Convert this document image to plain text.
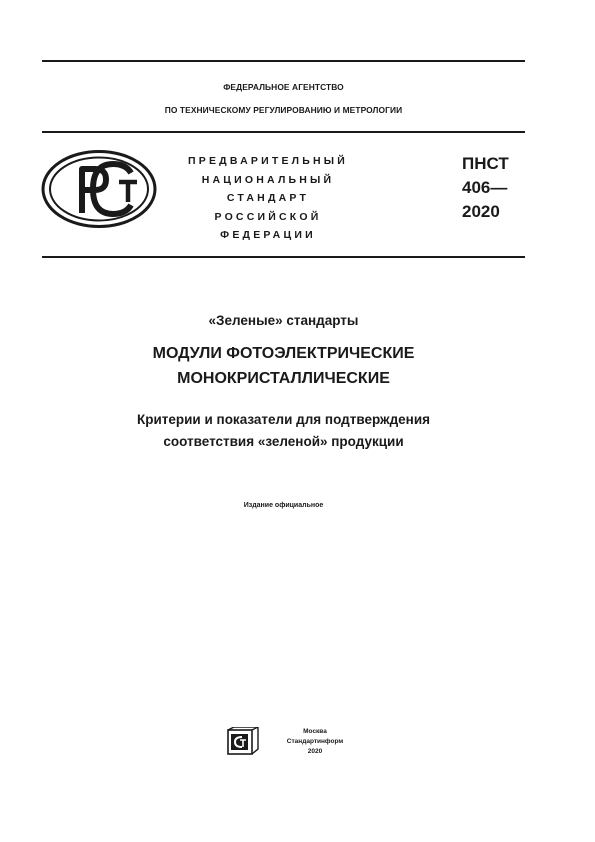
ФЕДЕРАЛЬНОЕ АГЕНТСТВО
ПО ТЕХНИЧЕСКОМУ РЕГУЛИРОВАНИЮ И МЕТРОЛОГИИ
ПРЕДВАРИТЕЛЬНЫЙ
НАЦИОНАЛЬНЫЙ
СТАНДАРТ
РОССИЙСКОЙ
ФЕДЕРАЦИИ
ПНСТ
406—
2020
«Зеленые» стандарты
МОДУЛИ ФОТОЭЛЕКТРИЧЕСКИЕ
МОНОКРИСТАЛЛИЧЕСКИЕ
Критерии и показатели для подтверждения
соответствия «зеленой» продукции
Издание официальное
Москва
Стандартинформ
2020
